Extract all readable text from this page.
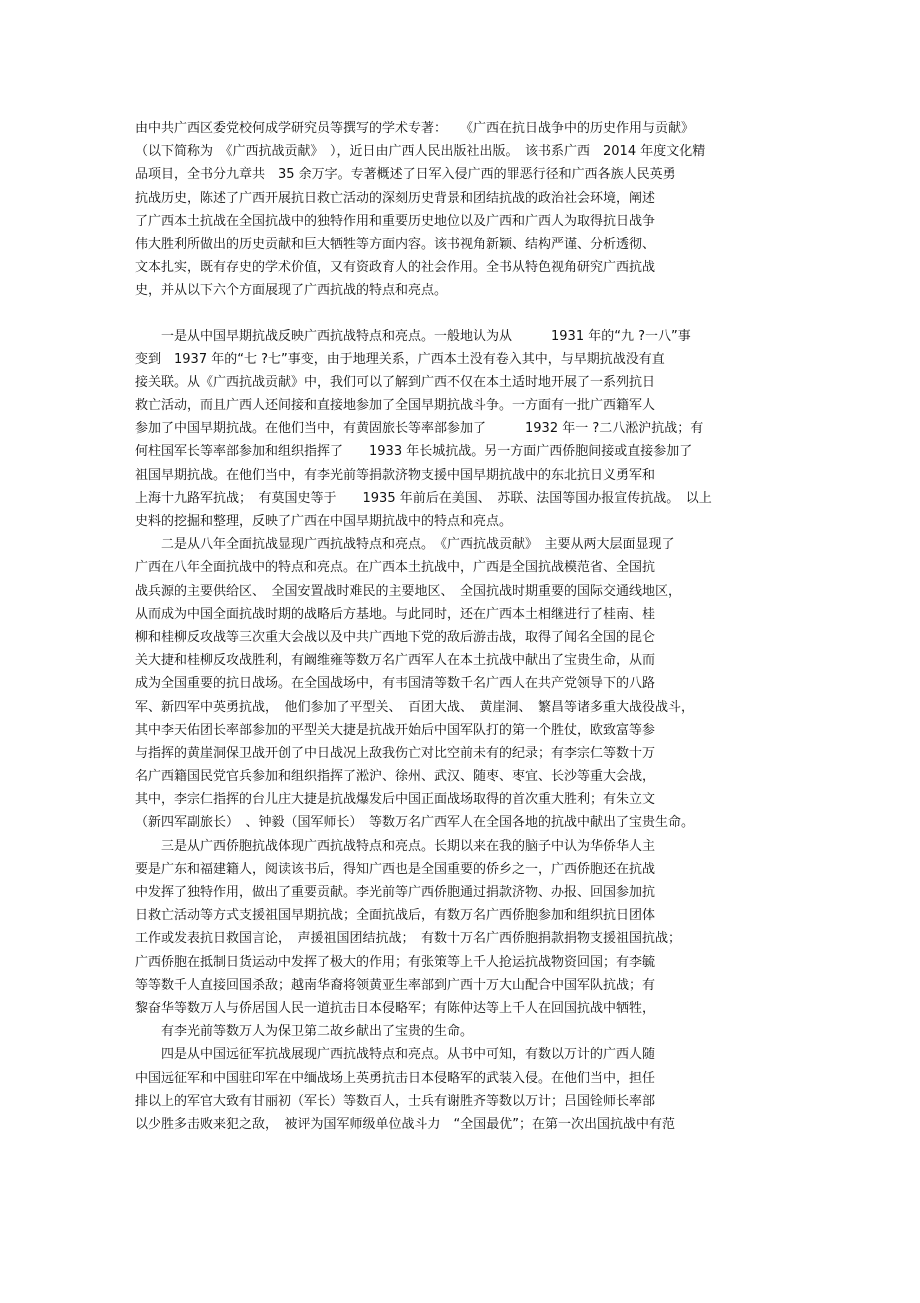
由中共广西区委党校何成学研究员等撰写的学术专著：　　《广西在抗日战争中的历史作用与贡献》
（以下简称为　《广西抗战贡献》　），近日由广西人民出版社出版。　该书系广西　2014 年度文化精
品项目，全书分九章共　35 余万字。专著概述了日军入侵广西的罪恶行径和广西各族人民英勇
抗战历史，陈述了广西开展抗日救亡活动的深刻历史背景和团结抗战的政治社会环境，阐述
了广西本土抗战在全国抗战中的独特作用和重要历史地位以及广西和广西人为取得抗日战争
伟大胜利所做出的历史贡献和巨大牺牲等方面内容。该书视角新颖、结构严谨、分析透彻、
文本扎实，既有存史的学术价值，又有资政育人的社会作用。全书从特色视角研究广西抗战
史，并从以下六个方面展现了广西抗战的特点和亮点。
一是从中国早期抗战反映广西抗战特点和亮点。一般地认为从　　　1931 年的“九 ?一八”事
变到　1937 年的“七 ?七”事变，由于地理关系，广西本土没有卷入其中，与早期抗战没有直
接关联。从《广西抗战贡献》中，我们可以了解到广西不仅在本土适时地开展了一系列抗日
救亡活动，而且广西人还间接和直接地参加了全国早期抗战斗争。一方面有一批广西籍军人
参加了中国早期抗战。在他们当中，有黄固旅长等率部参加了　　　1932 年一 ?二八淞沪抗战；有
何柱国军长等率部参加和组织指挥了　　1933 年长城抗战。另一方面广西侨胞间接或直接参加了
祖国早期抗战。在他们当中，有李光前等捐款济物支援中国早期抗战中的东北抗日义勇军和
上海十九路军抗战；　有莫国史等于　　1935 年前后在美国、　苏联、法国等国办报宣传抗战。　以上
史料的挖掘和整理，反映了广西在中国早期抗战中的特点和亮点。
二是从八年全面抗战显现广西抗战特点和亮点。　《广西抗战贡献》　主要从两大层面显现了
广西在八年全面抗战中的特点和亮点。在广西本土抗战中，广西是全国抗战模范省、全国抗
战兵源的主要供给区、　全国安置战时难民的主要地区、　全国抗战时期重要的国际交通线地区，
从而成为中国全面抗战时期的战略后方基地。与此同时，还在广西本土相继进行了桂南、桂
柳和桂柳反攻战等三次重大会战以及中共广西地下党的敌后游击战，取得了闻名全国的昆仑
关大捷和桂柳反攻战胜利，有阚维雍等数万名广西军人在本土抗战中献出了宝贵生命，从而
成为全国重要的抗日战场。在全国战场中，有韦国清等数千名广西人在共产党领导下的八路
军、新四军中英勇抗战，　他们参加了平型关、　百团大战、　黄崖洞、　繁昌等诸多重大战役战斗，
其中李天佑团长率部参加的平型关大捷是抗战开始后中国军队打的第一个胜仗，欧致富等参
与指挥的黄崖洞保卫战开创了中日战况上敌我伤亡对比空前未有的纪录；有李宗仁等数十万
名广西籍国民党官兵参加和组织指挥了淞沪、徐州、武汉、随枣、枣宜、长沙等重大会战，
其中，李宗仁指挥的台儿庄大捷是抗战爆发后中国正面战场取得的首次重大胜利；有朱立文
（新四军副旅长）　、钟毅（国军师长）　等数万名广西军人在全国各地的抗战中献出了宝贵生命。
三是从广西侨胞抗战体现广西抗战特点和亮点。长期以来在我的脑子中认为华侨华人主
要是广东和福建籍人，阅读该书后，得知广西也是全国重要的侨乡之一，广西侨胞还在抗战
中发挥了独特作用，做出了重要贡献。李光前等广西侨胞通过捐款济物、办报、回国参加抗
日救亡活动等方式支援祖国早期抗战；全面抗战后，有数万名广西侨胞参加和组织抗日团体
工作或发表抗日救国言论，　声援祖国团结抗战；　有数十万名广西侨胞捐款捐物支援祖国抗战；
广西侨胞在抵制日货运动中发挥了极大的作用；有张策等上千人抢运抗战物资回国；有李毓
等等数千人直接回国杀敌；越南华裔将领黄亚生率部到广西十万大山配合中国军队抗战；有
黎奋华等数万人与侨居国人民一道抗击日本侵略军；有陈仲达等上千人在回国抗战中牺牲，
有李光前等数万人为保卫第二故乡献出了宝贵的生命。
四是从中国远征军抗战展现广西抗战特点和亮点。从书中可知，有数以万计的广西人随
中国远征军和中国驻印军在中缅战场上英勇抗击日本侵略军的武装入侵。在他们当中，担任
排以上的军官大致有甘丽初（军长）等数百人，士兵有谢胜齐等数以万计；吕国铨师长率部
以少胜多击败来犯之敌，　被评为国军师级单位战斗力　“全国最优”；在第一次出国抗战中有范
